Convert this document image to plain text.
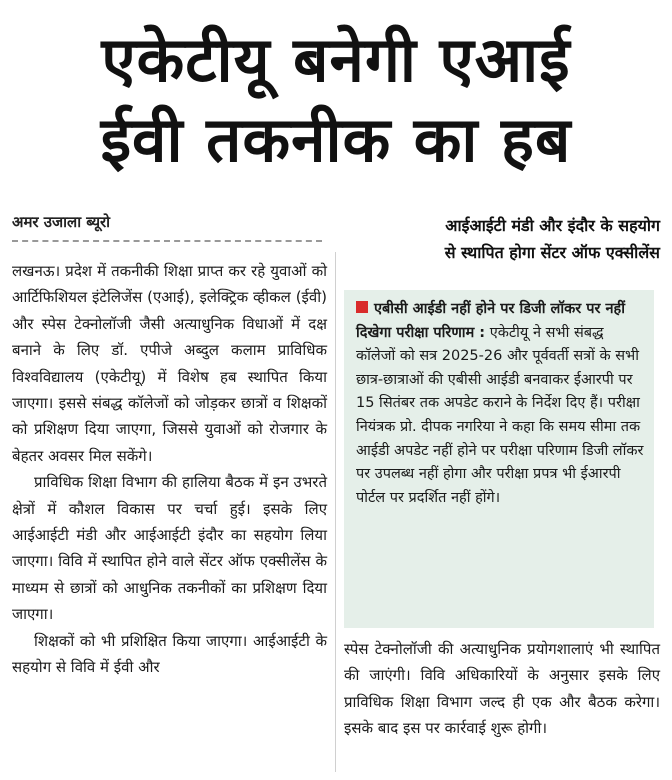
एकेटीयू बनेगी एआई
ईवी तकनीक का हब
अमर उजाला ब्यूरो	आईआईटी मंडी और इंदौर के सहयोग
से स्थापित होगा सेंटर ऑफ एक्सीलेंस

लखनऊ। प्रदेश में तकनीकी शिक्षा प्राप्त कर रहे युवाओं को आर्टिफिशियल इंटेलिजेंस (एआई), इलेक्ट्रिक व्हीकल (ईवी) और स्पेस टेक्नोलॉजी जैसी अत्याधुनिक विधाओं में दक्ष बनाने के लिए डॉ. एपीजे अब्दुल कलाम प्राविधिक विश्वविद्यालय (एकेटीयू) में विशेष हब स्थापित किया जाएगा। इससे संबद्ध कॉलेजों को जोड़कर छात्रों व शिक्षकों को प्रशिक्षण दिया जाएगा, जिससे युवाओं को रोजगार के बेहतर अवसर मिल सकेंगे।

प्राविधिक शिक्षा विभाग की हालिया बैठक में इन उभरते क्षेत्रों में कौशल विकास पर चर्चा हुई। इसके लिए आईआईटी मंडी और आईआईटी इंदौर का सहयोग लिया जाएगा। विवि में स्थापित होने वाले सेंटर ऑफ एक्सीलेंस के माध्यम से छात्रों को आधुनिक तकनीकों का प्रशिक्षण दिया जाएगा।

शिक्षकों को भी प्रशिक्षित किया जाएगा। आईआईटी के सहयोग से विवि में ईवी और

एबीसी आईडी नहीं होने पर डिजी लॉकर पर नहीं दिखेगा परीक्षा परिणाम : एकेटीयू ने सभी संबद्ध कॉलेजों को सत्र 2025-26 और पूर्ववर्ती सत्रों के सभी छात्र-छात्राओं की एबीसी आईडी बनवाकर ईआरपी पर 15 सितंबर तक अपडेट कराने के निर्देश दिए हैं। परीक्षा नियंत्रक प्रो. दीपक नगरिया ने कहा कि समय सीमा तक आईडी अपडेट नहीं होने पर परीक्षा परिणाम डिजी लॉकर पर उपलब्ध नहीं होगा और परीक्षा प्रपत्र भी ईआरपी पोर्टल पर प्रदर्शित नहीं होंगे।

स्पेस टेक्नोलॉजी की अत्याधुनिक प्रयोगशालाएं भी स्थापित की जाएंगी। विवि अधिकारियों के अनुसार इसके लिए प्राविधिक शिक्षा विभाग जल्द ही एक और बैठक करेगा। इसके बाद इस पर कार्रवाई शुरू होगी।
